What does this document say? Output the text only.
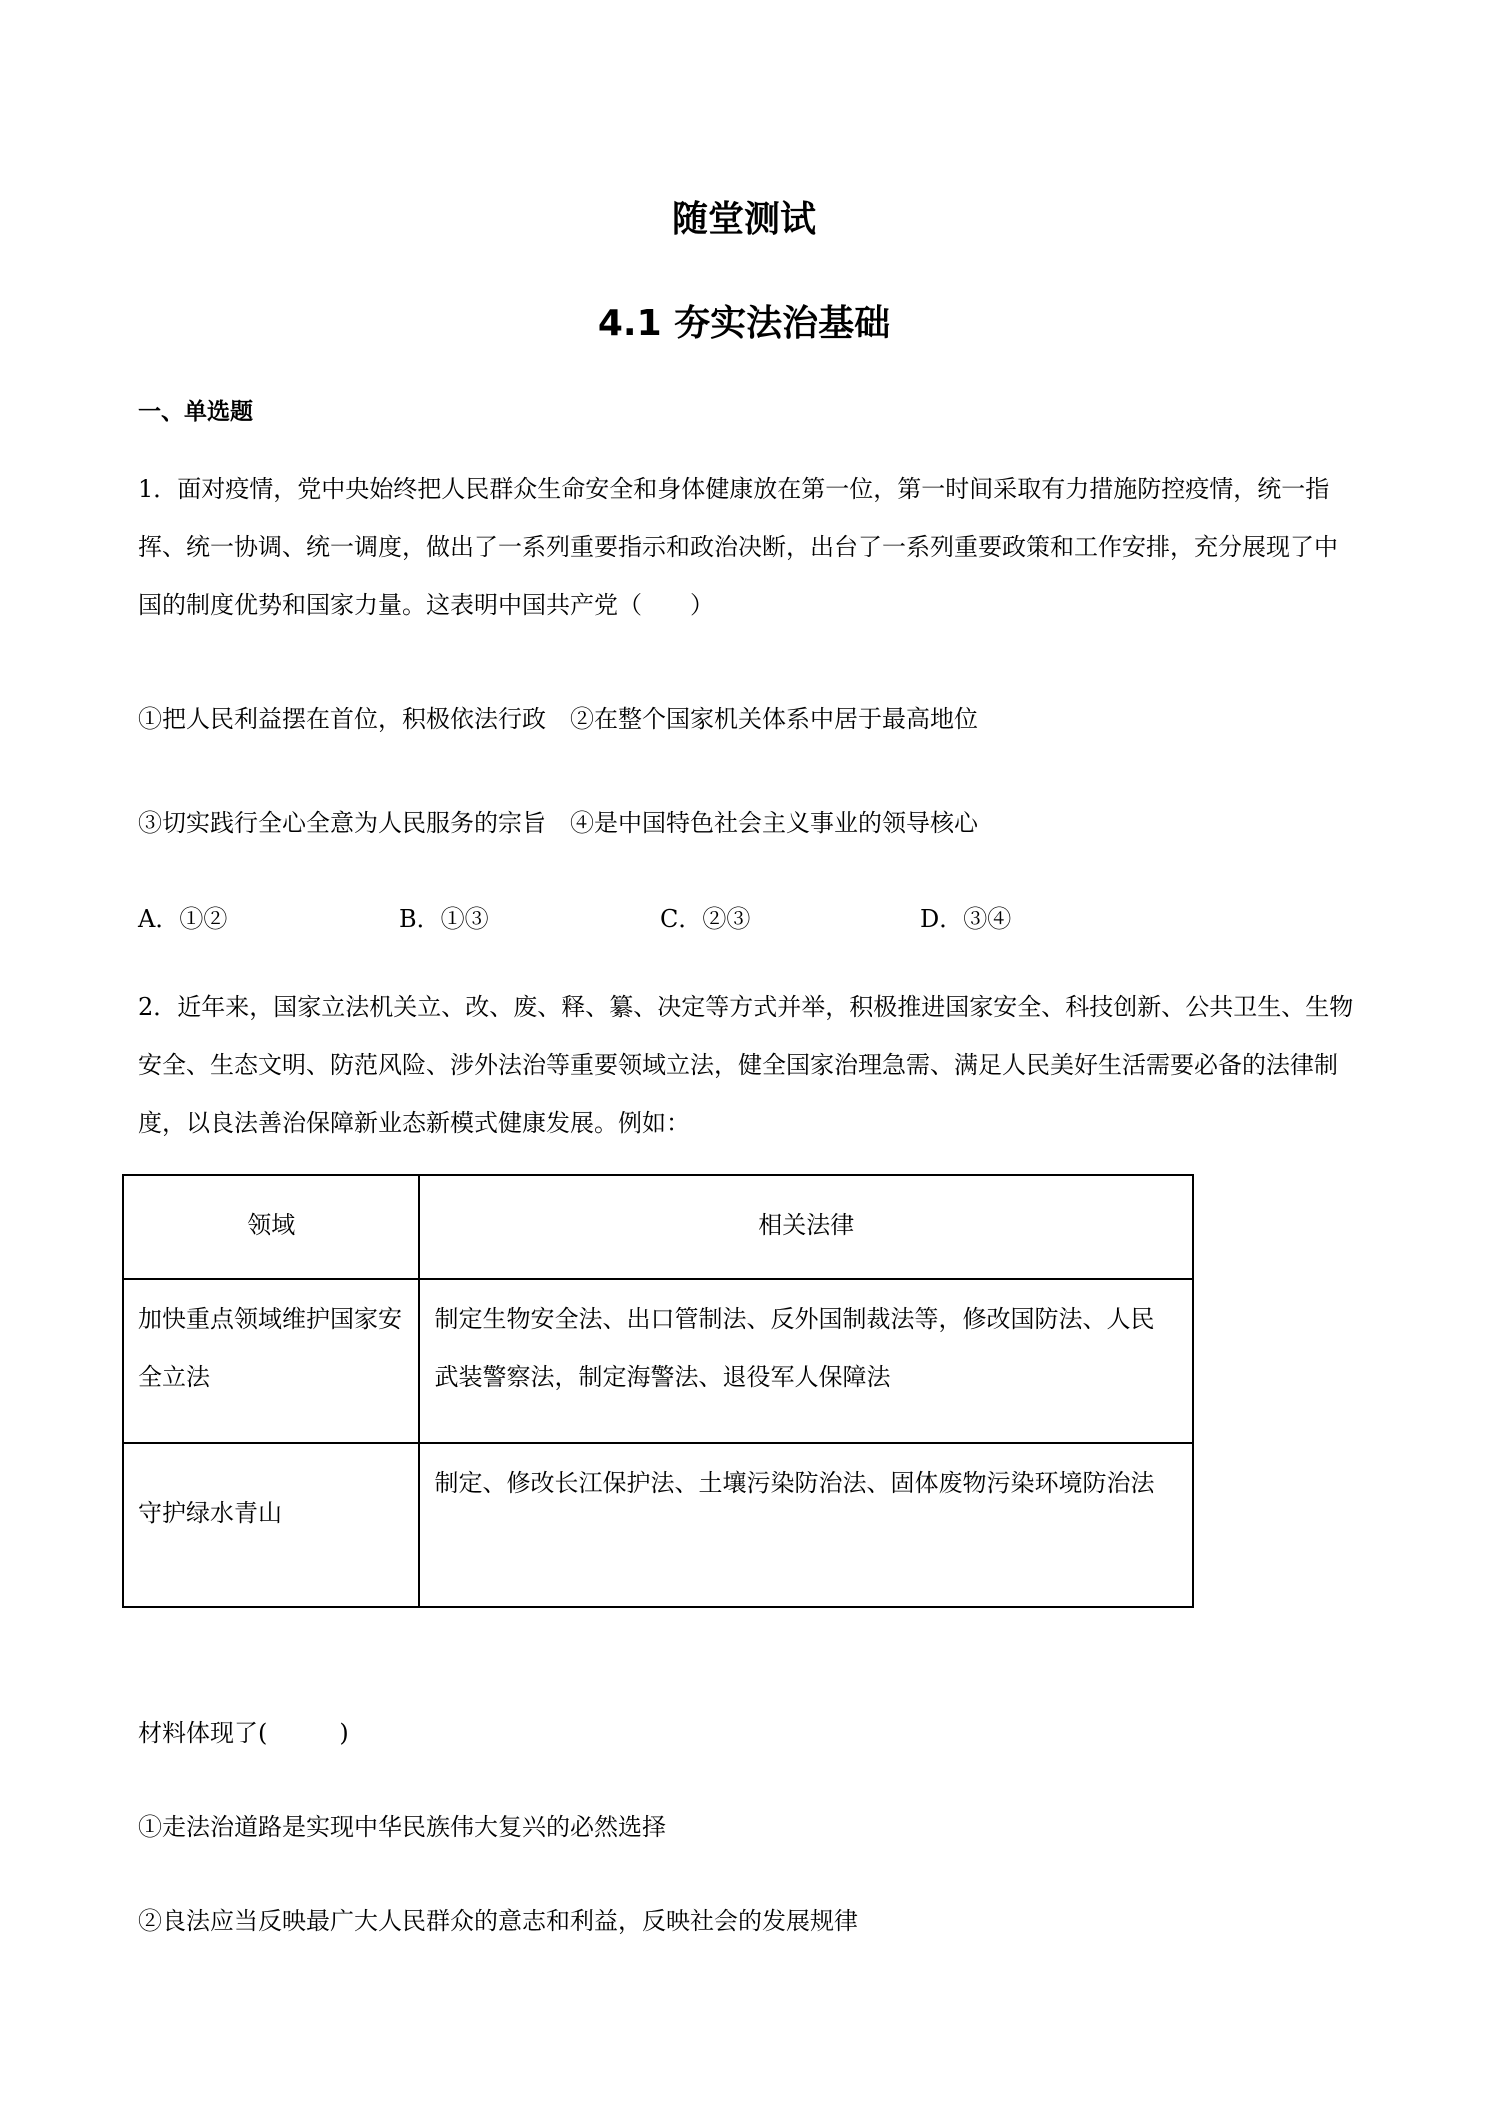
随堂测试
4.1 夯实法治基础
一、单选题
1．面对疫情，党中央始终把人民群众生命安全和身体健康放在第一位，第一时间采取有力措施防控疫情，统一指挥、统一协调、统一调度，做出了一系列重要指示和政治决断，出台了一系列重要政策和工作安排，充分展现了中国的制度优势和国家力量。这表明中国共产党（　　）
①把人民利益摆在首位，积极依法行政　②在整个国家机关体系中居于最高地位
③切实践行全心全意为人民服务的宗旨　④是中国特色社会主义事业的领导核心
A．①②	B．①③	C．②③	D．③④
2．近年来，国家立法机关立、改、废、释、纂、决定等方式并举，积极推进国家安全、科技创新、公共卫生、生物安全、生态文明、防范风险、涉外法治等重要领域立法，健全国家治理急需、满足人民美好生活需要必备的法律制度，以良法善治保障新业态新模式健康发展。例如：
领域	相关法律
加快重点领域维护国家安全立法	制定生物安全法、出口管制法、反外国制裁法等，修改国防法、人民武装警察法，制定海警法、退役军人保障法
守护绿水青山	制定、修改长江保护法、土壤污染防治法、固体废物污染环境防治法
材料体现了(　　　)
①走法治道路是实现中华民族伟大复兴的必然选择
②良法应当反映最广大人民群众的意志和利益，反映社会的发展规律
